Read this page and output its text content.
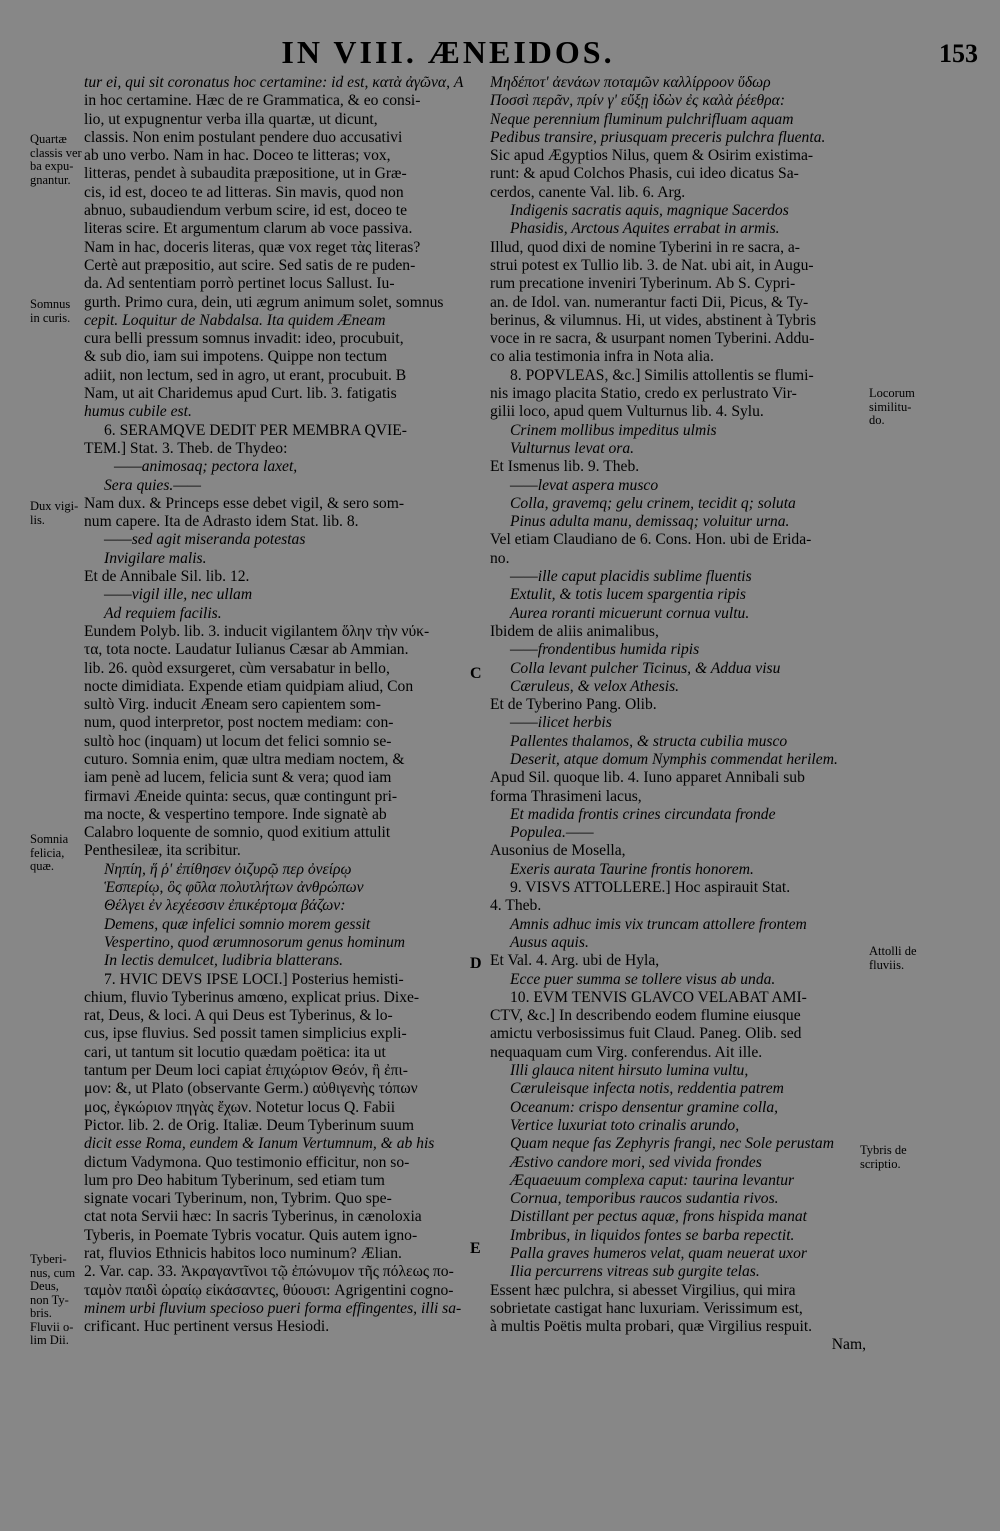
IN VIII. ÆNEIDOS.	153
tur ei, qui sit coronatus hoc certamine: id est, κατὰ ἀγῶνα, A
in hoc certamine. Hæc de re Grammatica, & eo consi-
lio, ut expugnentur verba illa quartæ, ut dicunt,
classis. Non enim postulant pendere duo accusativi
ab uno verbo. Nam in hac. Doceo te litteras; vox,
litteras, pendet à subaudita præpositione, ut in Græ-
cis, id est, doceo te ad litteras. Sin mavis, quod non
abnuo, subaudiendum verbum scire, id est, doceo te
literas scire. Et argumentum clarum ab voce passiva.
Nam in hac, doceris literas, quæ vox reget τὰς literas?
Certè aut præpositio, aut scire. Sed satis de re puden-
da. Ad sententiam porrò pertinet locus Sallust. Iu-
gurth. Primo cura, dein, uti ægrum animum solet, somnus
cepit. Loquitur de Nabdalsa. Ita quidem Æneam
cura belli pressum somnus invadit: ideo, procubuit,
& sub dio, iam sui impotens. Quippe non tectum
adiit, non lectum, sed in agro, ut erant, procubuit. B
Nam, ut ait Charidemus apud Curt. lib. 3. fatigatis
humus cubile est.
6. SERAMQVE DEDIT PER MEMBRA QVIE-
TEM.] Stat. 3. Theb. de Thydeo:
——animosaq; pectora laxet,
Sera quies.——
Nam dux. & Princeps esse debet vigil, & sero som-
num capere. Ita de Adrasto idem Stat. lib. 8.
——sed agit miseranda potestas
Invigilare malis.
Et de Annibale Sil. lib. 12.
——vigil ille, nec ullam
Ad requiem facilis.
Eundem Polyb. lib. 3. inducit vigilantem ὅλην τὴν νύκ-
τα, tota nocte. Laudatur Iulianus Cæsar ab Ammian.
lib. 26. quòd exsurgeret, cùm versabatur in bello,
nocte dimidiata. Expende etiam quidpiam aliud, Con
sultò Virg. inducit Æneam sero capientem som-
num, quod interpretor, post noctem mediam: con-
sultò hoc (inquam) ut locum det felici somnio se-
cuturo. Somnia enim, quæ ultra mediam noctem, &
iam penè ad lucem, felicia sunt & vera; quod iam
firmavi Æneide quinta: secus, quæ contingunt pri-
ma nocte, & vespertino tempore. Inde signatè ab
Calabro loquente de somnio, quod exitium attulit
Penthesileæ, ita scribitur.
Νηπίη, ἥ ῥ' ἐπίθησεν ὀιζυρῷ περ ὀνείρῳ
Ἑσπερίῳ, ὃς φῦλα πολυτλήτων ἀνθρώπων
Θέλγει ἐν λεχέεσσιν ἐπικέρτομα βάζων:
Demens, quæ infelici somnio morem gessit
Vespertino, quod ærumnosorum genus hominum
In lectis demulcet, ludibria blatterans.
7. HVIC DEVS IPSE LOCI.] Posterius hemisti-
chium, fluvio Tyberinus amœno, explicat prius. Dixe-
rat, Deus, & loci. A qui Deus est Tyberinus, & lo-
cus, ipse fluvius. Sed possit tamen simplicius expli-
cari, ut tantum sit locutio quædam poëtica: ita ut
tantum per Deum loci capiat ἐπιχώριον Θεόν, ἢ ἐπι-
μον: &, ut Plato (observante Germ.) αὐθιγενὴς τόπων
μος, ἐγκώριον πηγὰς ἔχων. Notetur locus Q. Fabii
Pictor. lib. 2. de Orig. Italiæ. Deum Tyberinum suum
dicit esse Roma, eundem & Ianum Vertumnum, & ab his
dictum Vadymona. Quo testimonio efficitur, non so-
lum pro Deo habitum Tyberinum, sed etiam tum
signate vocari Tyberinum, non, Tybrim. Quo spe-
ctat nota Servii hæc: In sacris Tyberinus, in cænoloxia
Tyberis, in Poemate Tybris vocatur. Quis autem igno-
rat, fluvios Ethnicis habitos loco numinum? Ælian.
2. Var. cap. 33. Ἀκραγαντῖνοι τῷ ἐπώνυμον τῆς πόλεως πο-
ταμὸν παιδὶ ὡραίῳ εἰκάσαντες, θύουσι: Agrigentini cogno-
minem urbi fluvium specioso pueri forma effingentes, illi sa-
crificant. Huc pertinent versus Hesiodi.
Μηδέποτ' ἀενάων ποταμῶν καλλίρροον ὕδωρ
Ποσσὶ περᾶν, πρίν γ' εὔξῃ ἰδὼν ἐς καλὰ ῥέεθρα:
Neque perennium fluminum pulchrifluam aquam
Pedibus transire, priusquam preceris pulchra fluenta.
Sic apud Ægyptios Nilus, quem & Osirim existima-
runt: & apud Colchos Phasis, cui ideo dicatus Sa-
cerdos, canente Val. lib. 6. Arg.
Indigenis sacratis aquis, magnique Sacerdos
Phasidis, Arctous Aquites errabat in armis.
Illud, quod dixi de nomine Tyberini in re sacra, a-
strui potest ex Tullio lib. 3. de Nat. ubi ait, in Augu-
rum precatione inveniri Tyberinum. Ab S. Cypri-
an. de Idol. van. numerantur facti Dii, Picus, & Ty-
berinus, & vilumnus. Hi, ut vides, abstinent à Tybris
voce in re sacra, & usurpant nomen Tyberini. Addu-
co alia testimonia infra in Nota alia.
8. POPVLEAS, &c.] Similis attollentis se flumi-
nis imago placita Statio, credo ex perlustrato Vir-
gilii loco, apud quem Vulturnus lib. 4. Sylu.
Crinem mollibus impeditus ulmis
Vulturnus levat ora.
Et Ismenus lib. 9. Theb.
——levat aspera musco
Colla, gravemq; gelu crinem, tecidit q; soluta
Pinus adulta manu, demissaq; voluitur urna.
Vel etiam Claudiano de 6. Cons. Hon. ubi de Erida-
no.
——ille caput placidis sublime fluentis
Extulit, & totis lucem spargentia ripis
Aurea roranti micuerunt cornua vultu.
Ibidem de aliis animalibus,
——frondentibus humida ripis
Colla levant pulcher Ticinus, & Addua visu
Cæruleus, & velox Athesis.
Et de Tyberino Pang. Olib.
——ilicet herbis
Pallentes thalamos, & structa cubilia musco
Deserit, atque domum Nymphis commendat herilem.
Apud Sil. quoque lib. 4. Iuno apparet Annibali sub
forma Thrasimeni lacus,
Et madida frontis crines circundata fronde
Populea.——
Ausonius de Mosella,
Exeris aurata Taurine frontis honorem.
9. VISVS ATTOLLERE.] Hoc aspirauit Stat.
4. Theb.
Amnis adhuc imis vix truncam attollere frontem
Ausus aquis.
Et Val. 4. Arg. ubi de Hyla,
Ecce puer summa se tollere visus ab unda.
10. EVM TENVIS GLAVCO VELABAT AMI-
CTV, &c.] In describendo eodem flumine eiusque
amictu verbosissimus fuit Claud. Paneg. Olib. sed
nequaquam cum Virg. conferendus. Ait ille.
Illi glauca nitent hirsuto lumina vultu,
Cæruleisque infecta notis, reddentia patrem
Oceanum: crispo densentur gramine colla,
Vertice luxuriat toto crinalis arundo,
Quam neque fas Zephyris frangi, nec Sole perustam
Æstivo candore mori, sed vivida frondes
Æquaeuum complexa caput: taurina levantur
Cornua, temporibus raucos sudantia rivos.
Distillant per pectus aquæ, frons hispida manat
Imbribus, in liquidos fontes se barba repectit.
Palla graves humeros velat, quam neuerat uxor
Ilia percurrens vitreas sub gurgite telas.
Essent hæc pulchra, si abesset Virgilius, qui mira
sobrietate castigat hanc luxuriam. Verissimum est,
à multis Poëtis multa probari, quæ Virgilius respuit.
Nam,
Quartæ
classis ver
ba expu-
gnantur.
Somnus
in curis.
Dux vigi-
lis.
Somnia
felicia,
quæ.
Tyberi-
nus, cum
Deus,
non Ty-
bris.
Fluvii o-
lim Dii.
Locorum
similitu-
do.
Attolli de
fluviis.
Tybris de
scriptio.
C
D
E
